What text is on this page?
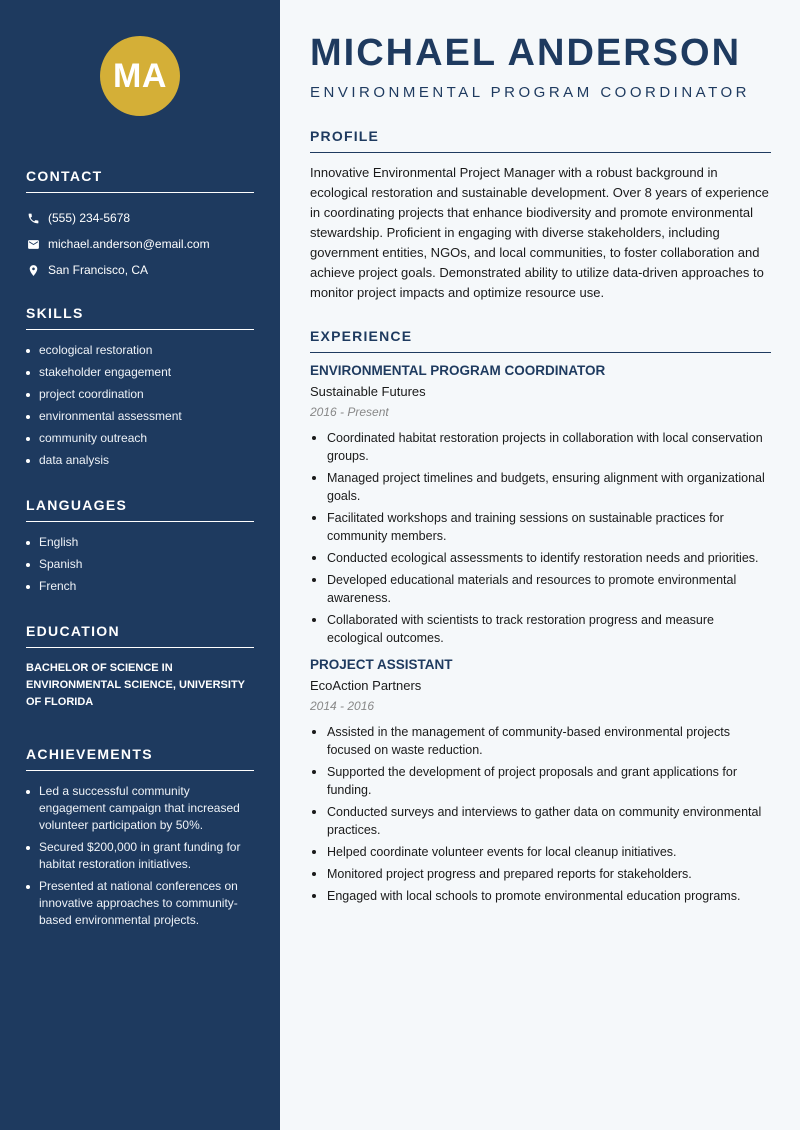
MA
CONTACT
(555) 234-5678
michael.anderson@email.com
San Francisco, CA
SKILLS
ecological restoration
stakeholder engagement
project coordination
environmental assessment
community outreach
data analysis
LANGUAGES
English
Spanish
French
EDUCATION
BACHELOR OF SCIENCE IN ENVIRONMENTAL SCIENCE, UNIVERSITY OF FLORIDA
ACHIEVEMENTS
Led a successful community engagement campaign that increased volunteer participation by 50%.
Secured $200,000 in grant funding for habitat restoration initiatives.
Presented at national conferences on innovative approaches to community-based environmental projects.
MICHAEL ANDERSON
ENVIRONMENTAL PROGRAM COORDINATOR
PROFILE

Innovative Environmental Project Manager with a robust background in ecological restoration and sustainable development. Over 8 years of experience in coordinating projects that enhance biodiversity and promote environmental stewardship. Proficient in engaging with diverse stakeholders, including government entities, NGOs, and local communities, to foster collaboration and achieve project goals. Demonstrated ability to utilize data-driven approaches to monitor project impacts and optimize resource use.

EXPERIENCE
ENVIRONMENTAL PROGRAM COORDINATOR
Sustainable Futures
2016 - Present
Coordinated habitat restoration projects in collaboration with local conservation groups.
Managed project timelines and budgets, ensuring alignment with organizational goals.
Facilitated workshops and training sessions on sustainable practices for community members.
Conducted ecological assessments to identify restoration needs and priorities.
Developed educational materials and resources to promote environmental awareness.
Collaborated with scientists to track restoration progress and measure ecological outcomes.
PROJECT ASSISTANT
EcoAction Partners
2014 - 2016
Assisted in the management of community-based environmental projects focused on waste reduction.
Supported the development of project proposals and grant applications for funding.
Conducted surveys and interviews to gather data on community environmental practices.
Helped coordinate volunteer events for local cleanup initiatives.
Monitored project progress and prepared reports for stakeholders.
Engaged with local schools to promote environmental education programs.
